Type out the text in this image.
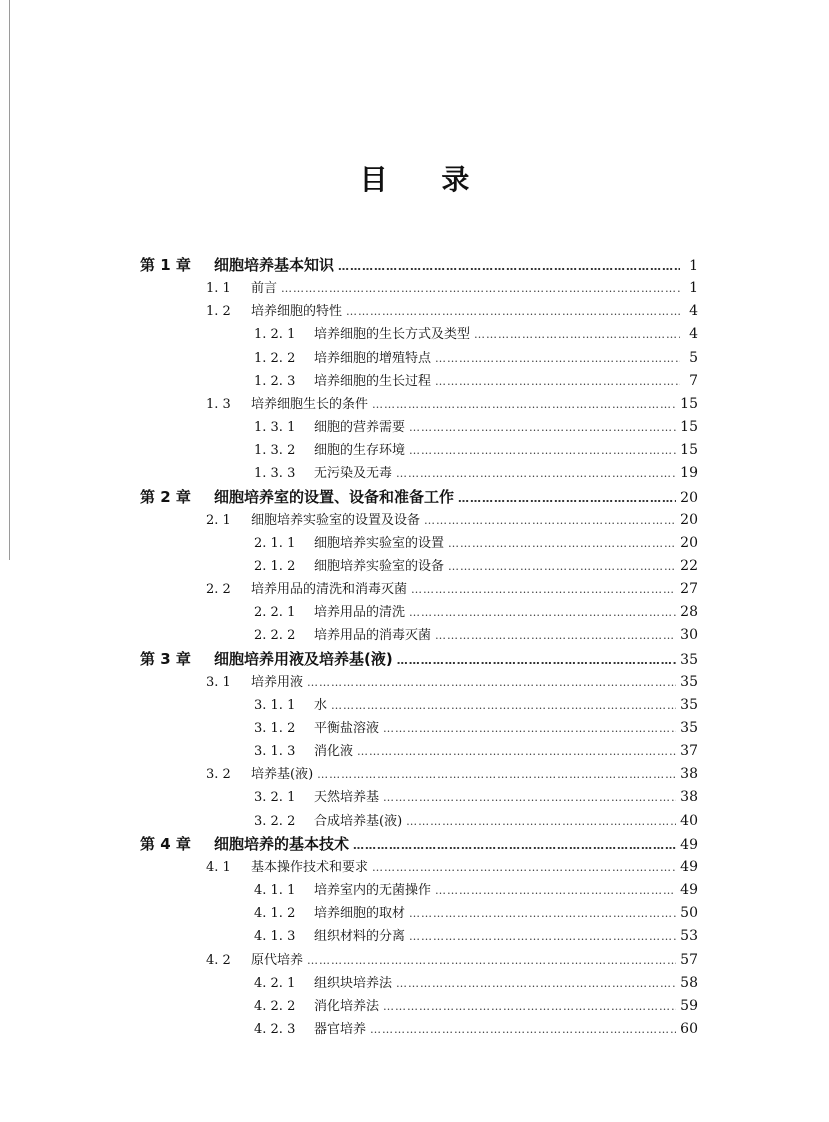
目 录
第 1 章	细胞培养基本知识 ……………………………………………………………………………………………………………………………………………………………………………………………………………………………………	1
1. 1	前言 ……………………………………………………………………………………………………………………………………………………………………………………………………………………………………	1
1. 2	培养细胞的特性 ……………………………………………………………………………………………………………………………………………………………………………………………………………………………………	4
1. 2. 1	培养细胞的生长方式及类型 ……………………………………………………………………………………………………………………………………………………………………………………………………………………………………	4
1. 2. 2	培养细胞的增殖特点 ……………………………………………………………………………………………………………………………………………………………………………………………………………………………………	5
1. 2. 3	培养细胞的生长过程 ……………………………………………………………………………………………………………………………………………………………………………………………………………………………………	7
1. 3	培养细胞生长的条件 ……………………………………………………………………………………………………………………………………………………………………………………………………………………………………	15
1. 3. 1	细胞的营养需要 ……………………………………………………………………………………………………………………………………………………………………………………………………………………………………	15
1. 3. 2	细胞的生存环境 ……………………………………………………………………………………………………………………………………………………………………………………………………………………………………	15
1. 3. 3	无污染及无毒 ……………………………………………………………………………………………………………………………………………………………………………………………………………………………………	19
第 2 章	细胞培养室的设置、设备和准备工作 ……………………………………………………………………………………………………………………………………………………………………………………………………………………………………	20
2. 1	细胞培养实验室的设置及设备 ……………………………………………………………………………………………………………………………………………………………………………………………………………………………………	20
2. 1. 1	细胞培养实验室的设置 ……………………………………………………………………………………………………………………………………………………………………………………………………………………………………	20
2. 1. 2	细胞培养实验室的设备 ……………………………………………………………………………………………………………………………………………………………………………………………………………………………………	22
2. 2	培养用品的清洗和消毒灭菌 ……………………………………………………………………………………………………………………………………………………………………………………………………………………………………	27
2. 2. 1	培养用品的清洗 ……………………………………………………………………………………………………………………………………………………………………………………………………………………………………	28
2. 2. 2	培养用品的消毒灭菌 ……………………………………………………………………………………………………………………………………………………………………………………………………………………………………	30
第 3 章	细胞培养用液及培养基(液) ……………………………………………………………………………………………………………………………………………………………………………………………………………………………………	35
3. 1	培养用液 ……………………………………………………………………………………………………………………………………………………………………………………………………………………………………	35
3. 1. 1	水 ……………………………………………………………………………………………………………………………………………………………………………………………………………………………………	35
3. 1. 2	平衡盐溶液 ……………………………………………………………………………………………………………………………………………………………………………………………………………………………………	35
3. 1. 3	消化液 ……………………………………………………………………………………………………………………………………………………………………………………………………………………………………	37
3. 2	培养基(液) ……………………………………………………………………………………………………………………………………………………………………………………………………………………………………	38
3. 2. 1	天然培养基 ……………………………………………………………………………………………………………………………………………………………………………………………………………………………………	38
3. 2. 2	合成培养基(液) ……………………………………………………………………………………………………………………………………………………………………………………………………………………………………	40
第 4 章	细胞培养的基本技术 ……………………………………………………………………………………………………………………………………………………………………………………………………………………………………	49
4. 1	基本操作技术和要求 ……………………………………………………………………………………………………………………………………………………………………………………………………………………………………	49
4. 1. 1	培养室内的无菌操作 ……………………………………………………………………………………………………………………………………………………………………………………………………………………………………	49
4. 1. 2	培养细胞的取材 ……………………………………………………………………………………………………………………………………………………………………………………………………………………………………	50
4. 1. 3	组织材料的分离 ……………………………………………………………………………………………………………………………………………………………………………………………………………………………………	53
4. 2	原代培养 ……………………………………………………………………………………………………………………………………………………………………………………………………………………………………	57
4. 2. 1	组织块培养法 ……………………………………………………………………………………………………………………………………………………………………………………………………………………………………	58
4. 2. 2	消化培养法 ……………………………………………………………………………………………………………………………………………………………………………………………………………………………………	59
4. 2. 3	器官培养 ……………………………………………………………………………………………………………………………………………………………………………………………………………………………………	60
